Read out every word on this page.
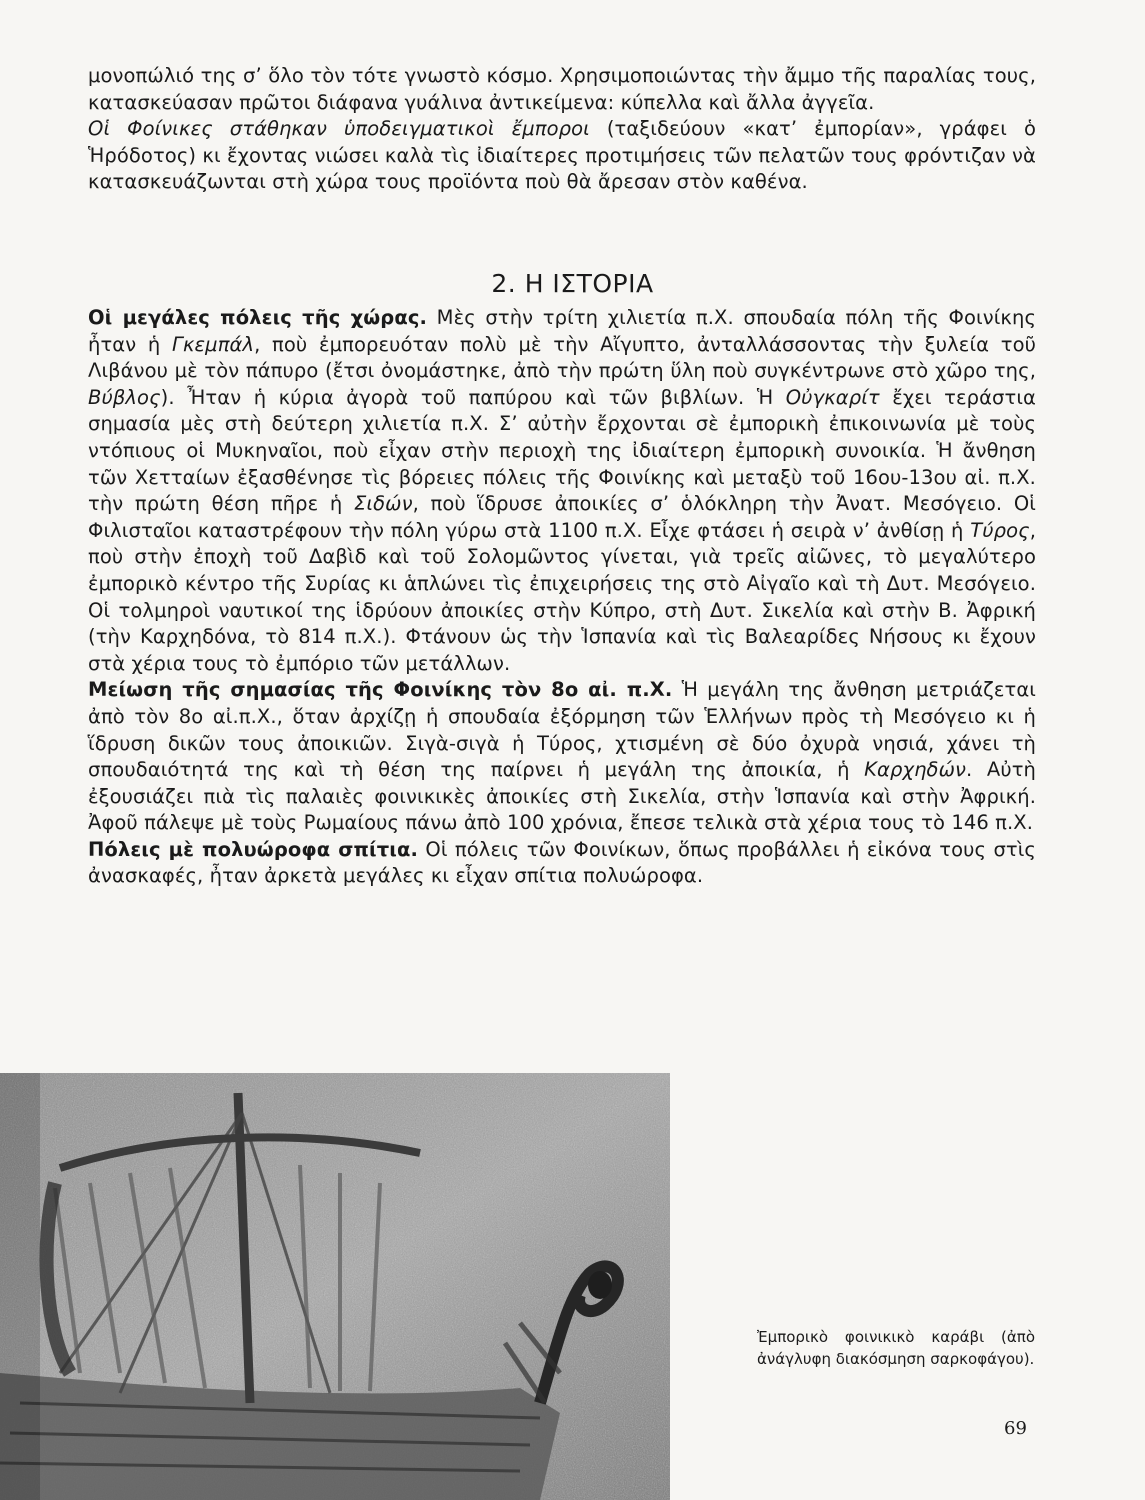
μονοπώλιό της σ’ ὅλο τὸν τότε γνωστὸ κόσμο. Χρησιμοποιώντας τὴν ἄμμο τῆς παραλίας τους, κατασκεύασαν πρῶτοι διάφανα γυάλινα ἀντικείμενα: κύπελλα καὶ ἄλλα ἀγγεῖα.

Οἱ Φοίνικες στάθηκαν ὑποδειγματικοὶ ἔμποροι (ταξιδεύουν «κατ’ ἐμπορίαν», γράφει ὁ Ἡρόδοτος) κι ἔχοντας νιώσει καλὰ τὶς ἰδιαίτερες προτιμήσεις τῶν πελατῶν τους φρόντιζαν νὰ κατασκευάζωνται στὴ χώρα τους προϊόντα ποὺ θὰ ἄρεσαν στὸν καθένα.

2. Η ΙΣΤΟΡΙΑ

Οἱ μεγάλες πόλεις τῆς χώρας. Μὲς στὴν τρίτη χιλιετία π.Χ. σπουδαία πόλη τῆς Φοινίκης ἦταν ἡ Γκεμπάλ, ποὺ ἐμπορευόταν πολὺ μὲ τὴν Αἴγυπτο, ἀνταλλάσσοντας τὴν ξυλεία τοῦ Λιβάνου μὲ τὸν πάπυρο (ἔτσι ὀνομάστηκε, ἀπὸ τὴν πρώτη ὕλη ποὺ συγκέντρωνε στὸ χῶρο της, Βύβλος). Ἦταν ἡ κύρια ἀγορὰ τοῦ παπύρου καὶ τῶν βιβλίων. Ἡ Οὐγκαρίτ ἔχει τεράστια σημασία μὲς στὴ δεύτερη χιλιετία π.Χ. Σ’ αὐτὴν ἔρχονται σὲ ἐμπορικὴ ἐπικοινωνία μὲ τοὺς ντόπιους οἱ Μυκηναῖοι, ποὺ εἶχαν στὴν περιοχὴ της ἰδιαίτερη ἐμπορικὴ συνοικία. Ἡ ἄνθηση τῶν Χετταίων ἐξασθένησε τὶς βόρειες πόλεις τῆς Φοινίκης καὶ μεταξὺ τοῦ 16ου-13ου αἰ. π.Χ. τὴν πρώτη θέση πῆρε ἡ Σιδών, ποὺ ἵδρυσε ἀποικίες σ’ ὁλόκληρη τὴν Ἀνατ. Μεσόγειο. Οἱ Φιλισταῖοι καταστρέφουν τὴν πόλη γύρω στὰ 1100 π.Χ. Εἶχε φτάσει ἡ σειρὰ ν’ ἀνθίσῃ ἡ Τύρος, ποὺ στὴν ἐποχὴ τοῦ Δαβὶδ καὶ τοῦ Σολομῶντος γίνεται, γιὰ τρεῖς αἰῶνες, τὸ μεγαλύτερο ἐμπορικὸ κέντρο τῆς Συρίας κι ἁπλώνει τὶς ἐπιχειρήσεις της στὸ Αἰγαῖο καὶ τὴ Δυτ. Μεσόγειο. Οἱ τολμηροὶ ναυτικοί της ἱδρύουν ἀποικίες στὴν Κύπρο, στὴ Δυτ. Σικελία καὶ στὴν Β. Ἀφρική (τὴν Καρχηδόνα, τὸ 814 π.Χ.). Φτάνουν ὡς τὴν Ἱσπανία καὶ τὶς Βαλεαρίδες Νήσους κι ἔχουν στὰ χέρια τους τὸ ἐμπόριο τῶν μετάλλων.

Μείωση τῆς σημασίας τῆς Φοινίκης τὸν 8ο αἰ. π.Χ. Ἡ μεγάλη της ἄνθηση μετριάζεται ἀπὸ τὸν 8ο αἰ.π.Χ., ὅταν ἀρχίζῃ ἡ σπουδαία ἐξόρμηση τῶν Ἑλλήνων πρὸς τὴ Μεσόγειο κι ἡ ἵδρυση δικῶν τους ἀποικιῶν. Σιγὰ-σιγὰ ἡ Τύρος, χτισμένη σὲ δύο ὀχυρὰ νησιά, χάνει τὴ σπουδαιότητά της καὶ τὴ θέση της παίρνει ἡ μεγάλη της ἀποικία, ἡ Καρχηδών. Αὐτὴ ἐξουσιάζει πιὰ τὶς παλαιὲς φοινικικὲς ἀποικίες στὴ Σικελία, στὴν Ἱσπανία καὶ στὴν Ἀφρική. Ἀφοῦ πάλεψε μὲ τοὺς Ρωμαίους πάνω ἀπὸ 100 χρόνια, ἔπεσε τελικὰ στὰ χέρια τους τὸ 146 π.Χ.

Πόλεις μὲ πολυώροφα σπίτια. Οἱ πόλεις τῶν Φοινίκων, ὅπως προβάλλει ἡ εἰκόνα τους στὶς ἀνασκαφές, ἦταν ἀρκετὰ μεγάλες κι εἶχαν σπίτια πολυώροφα.

Ἐμπορικὸ φοινικικὸ καράβι (ἀπὸ ἀνάγλυφη διακόσμηση σαρκοφάγου).
69
